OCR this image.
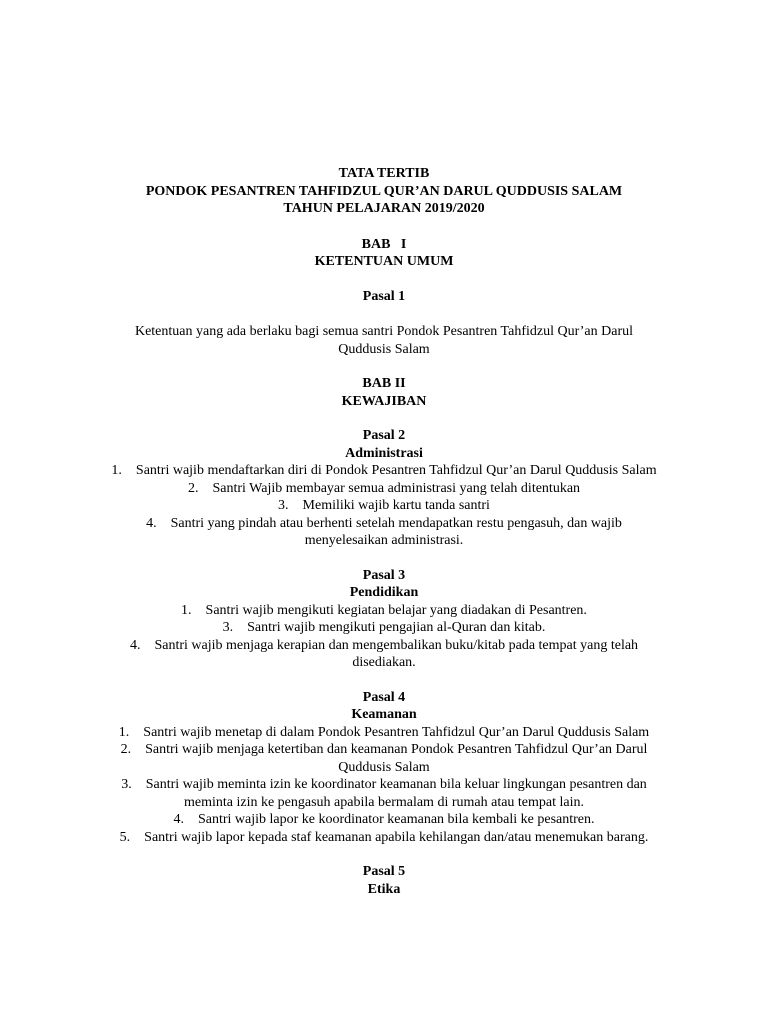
TATA TERTIB
PONDOK PESANTREN TAHFIDZUL QUR’AN DARUL QUDDUSIS SALAM
TAHUN PELAJARAN 2019/2020
BAB   I
KETENTUAN UMUM
Pasal 1

Ketentuan yang ada berlaku bagi semua santri Pondok Pesantren Tahfidzul Qur’an Darul

Quddusis Salam

BAB II
KEWAJIBAN
Pasal 2
Administrasi

1. Santri wajib mendaftarkan diri di Pondok Pesantren Tahfidzul Qur’an Darul Quddusis Salam

2. Santri Wajib membayar semua administrasi yang telah ditentukan

3. Memiliki wajib kartu tanda santri

4. Santri yang pindah atau berhenti setelah mendapatkan restu pengasuh, dan wajib

menyelesaikan administrasi.

Pasal 3
Pendidikan

1. Santri wajib mengikuti kegiatan belajar yang diadakan di Pesantren.

3. Santri wajib mengikuti pengajian al-Quran dan kitab.

4. Santri wajib menjaga kerapian dan mengembalikan buku/kitab pada tempat yang telah

disediakan.

Pasal 4
Keamanan

1. Santri wajib menetap di dalam Pondok Pesantren Tahfidzul Qur’an Darul Quddusis Salam

2. Santri wajib menjaga ketertiban dan keamanan Pondok Pesantren Tahfidzul Qur’an Darul

Quddusis Salam

3. Santri wajib meminta izin ke koordinator keamanan bila keluar lingkungan pesantren dan

meminta izin ke pengasuh apabila bermalam di rumah atau tempat lain.

4. Santri wajib lapor ke koordinator keamanan bila kembali ke pesantren.

5. Santri wajib lapor kepada staf keamanan apabila kehilangan dan/atau menemukan barang.

Pasal 5
Etika
